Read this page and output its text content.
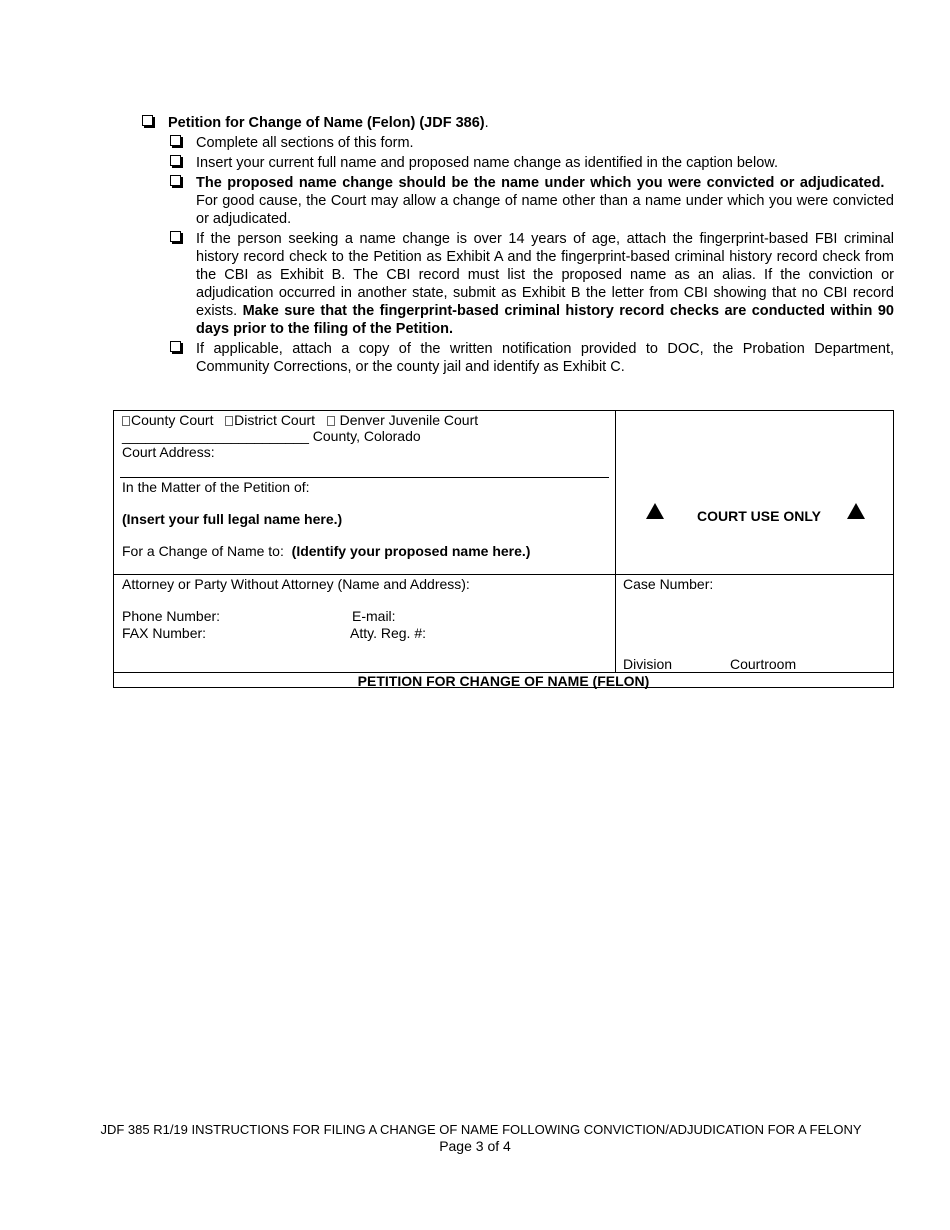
Petition for Change of Name (Felon) (JDF 386).
Complete all sections of this form.
Insert your current full name and proposed name change as identified in the caption below.
The proposed name change should be the name under which you were convicted or adjudicated.   For good cause, the Court may allow a change of name other than a name under which you were convicted or adjudicated.
If the person seeking a name change is over 14 years of age, attach the fingerprint-based FBI criminal history record check to the Petition as Exhibit A and the fingerprint-based criminal history record check from the CBI as Exhibit B. The CBI record must list the proposed name as an alias. If the conviction or adjudication occurred in another state, submit as Exhibit B the letter from CBI showing that no CBI record exists. Make sure that the fingerprint-based criminal history record checks are conducted within 90 days prior to the filing of the Petition.
If applicable, attach a copy of the written notification provided to DOC, the Probation Department, Community Corrections, or the county jail and identify as Exhibit C.
County Court District Court Denver Juvenile Court
________________________ County, Colorado
Court Address:
In the Matter of the Petition of:
(Insert your full legal name here.)
For a Change of Name to: (Identify your proposed name here.)
COURT USE ONLY
Attorney or Party Without Attorney (Name and Address):
Phone Number:	E-mail:
FAX Number:	Atty. Reg. #:
Case Number:
Division	Courtroom
PETITION FOR CHANGE OF NAME (FELON)
JDF 385 R1/19 INSTRUCTIONS FOR FILING A CHANGE OF NAME FOLLOWING CONVICTION/ADJUDICATION FOR A FELONY
Page 3 of 4
